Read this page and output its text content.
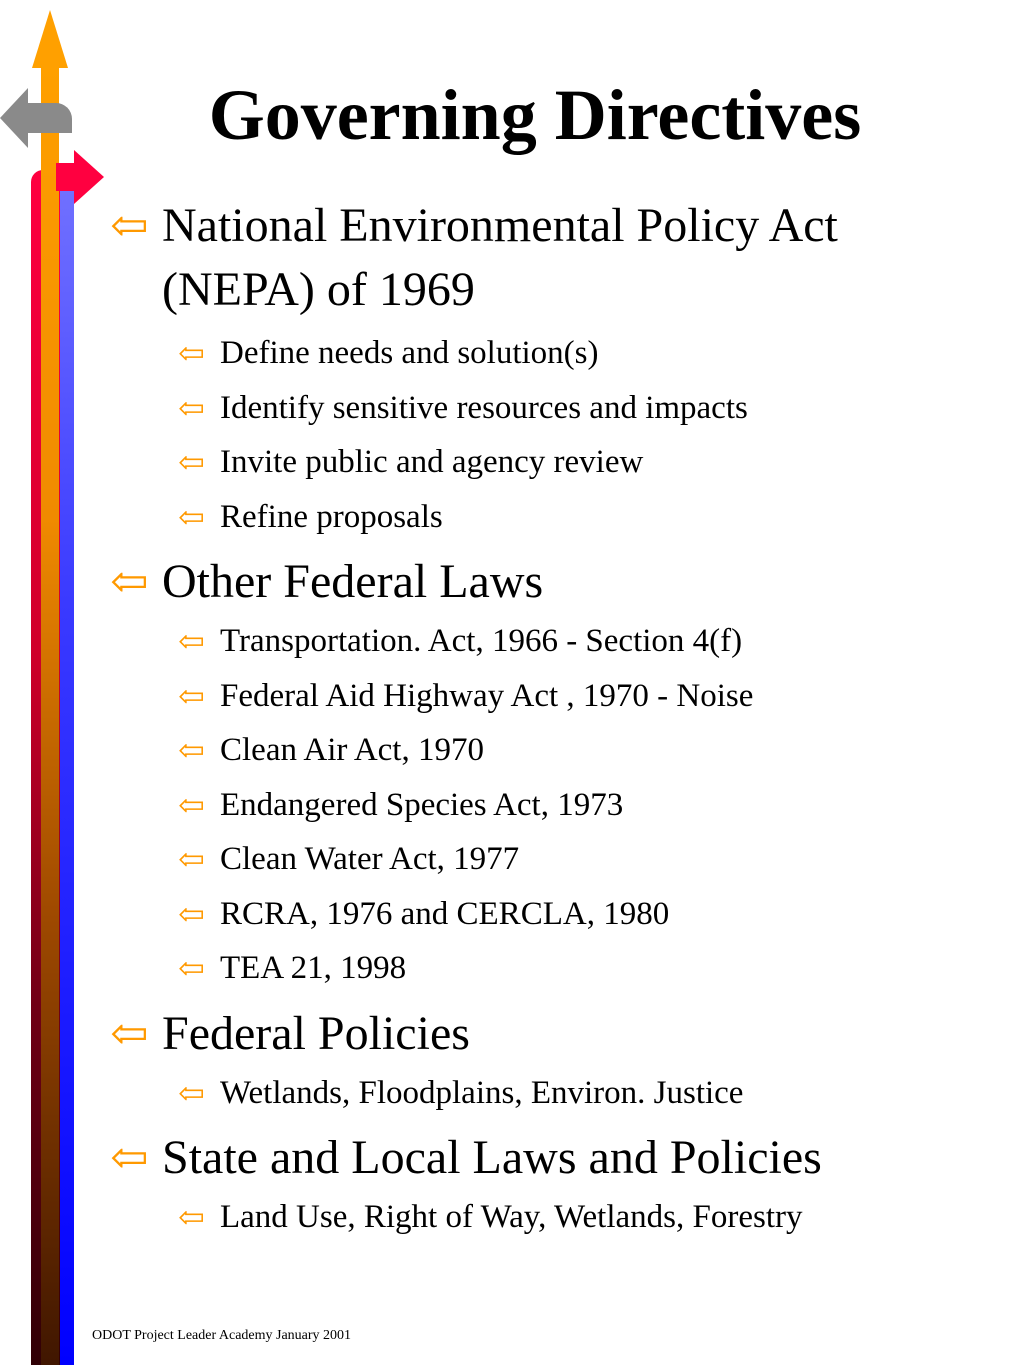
Governing Directives
⇦ National Environmental Policy Act (NEPA) of 1969
⇦ Define needs and solution(s)
⇦ Identify sensitive resources and impacts
⇦ Invite public and agency review
⇦ Refine proposals
⇦ Other Federal Laws
⇦ Transportation. Act, 1966 - Section 4(f)
⇦ Federal Aid Highway Act , 1970 - Noise
⇦ Clean Air Act, 1970
⇦ Endangered Species Act, 1973
⇦ Clean Water Act, 1977
⇦ RCRA, 1976 and CERCLA, 1980
⇦ TEA 21, 1998
⇦ Federal Policies
⇦ Wetlands, Floodplains, Environ. Justice
⇦ State and Local Laws and Policies
⇦ Land Use, Right of Way, Wetlands, Forestry
ODOT Project Leader Academy January 2001
